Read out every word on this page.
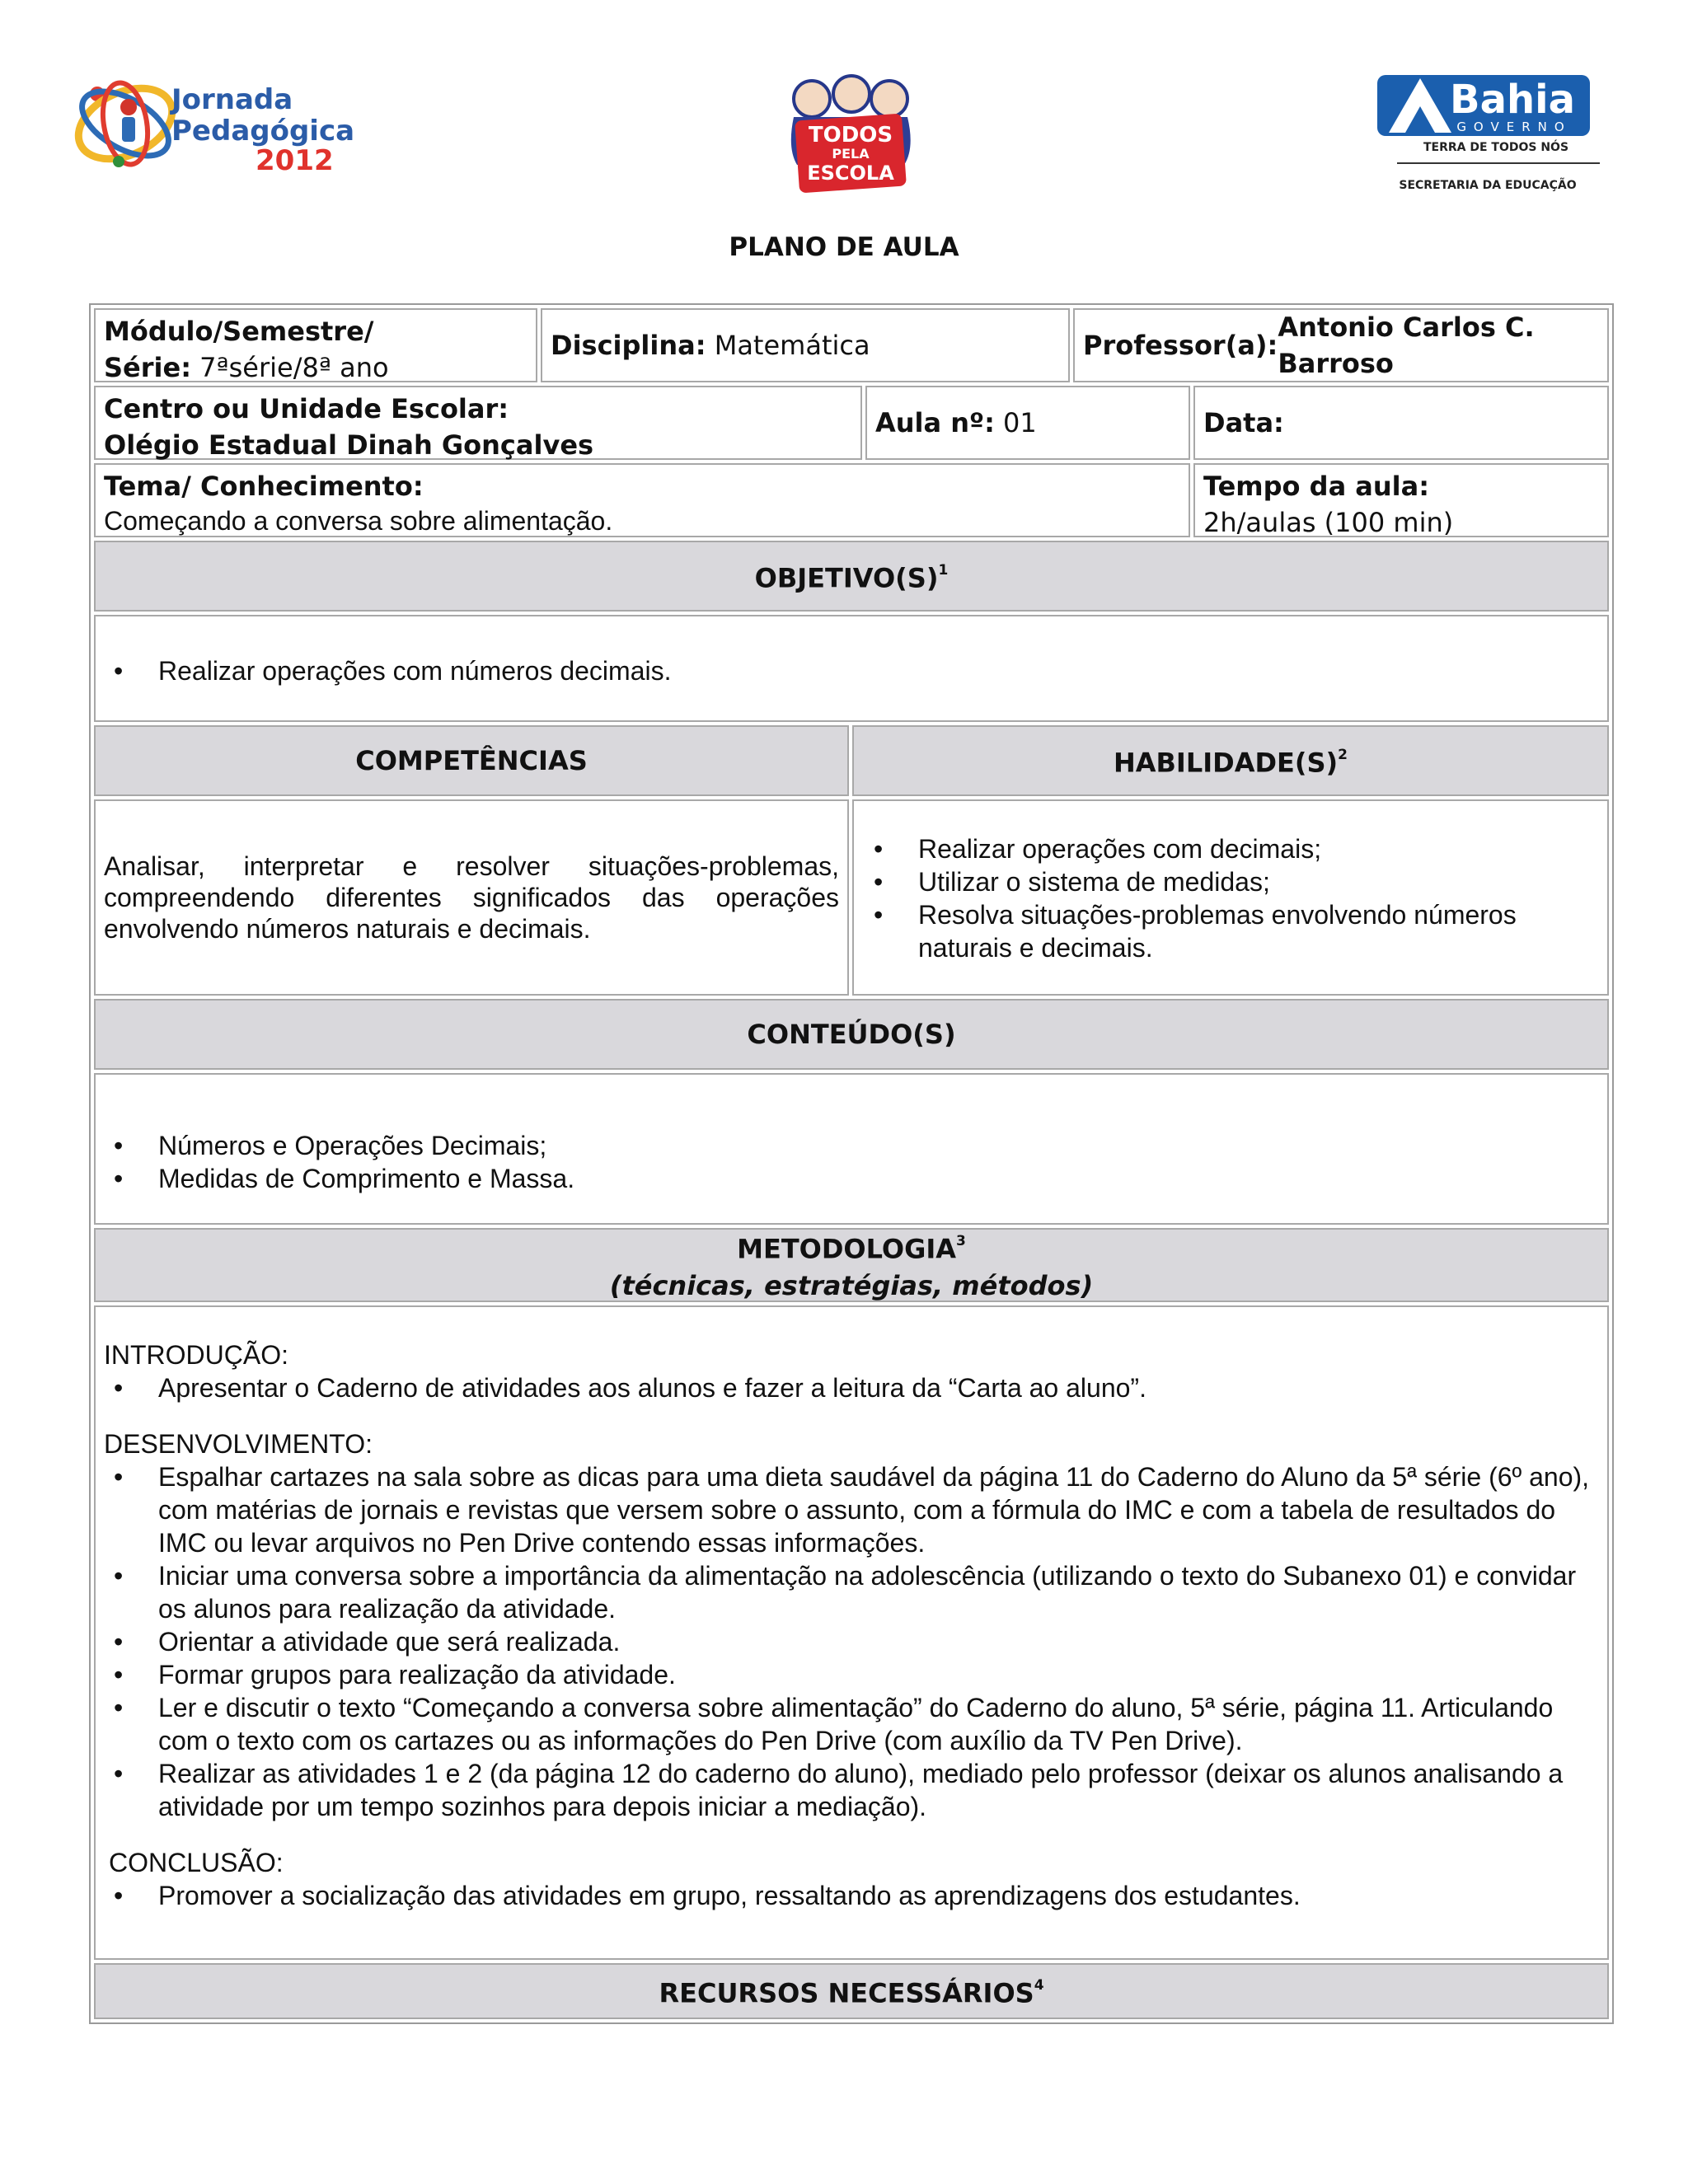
Jornada
Pedagógica
2012
TODOS
PELA
ESCOLA
Bahia
GOVERNO
TERRA DE TODOS NÓS
SECRETARIA DA EDUCAÇÃO
PLANO DE AULA
Módulo/Semestre/
Série: 7ªsérie/8ª ano
Disciplina: Matemática	Professor(a):
Antonio Carlos C. Barroso
Centro ou Unidade Escolar:
Olégio Estadual Dinah Gonçalves
Aula nº: 01	Data:
Tema/ Conhecimento:
Começando a conversa sobre alimentação.
Tempo da aula:
2h/aulas (100 min)
$OBJETIVO(S)^1$
• Realizar operações com números decimais.
COMPETÊNCIAS	$HABILIDADE(S)^2$
Analisar, interpretar e resolver situações-problemas, compreendendo diferentes significados das operações envolvendo números naturais e decimais.
• Realizar operações com decimais;
• Utilizar o sistema de medidas;
• Resolva situações-problemas envolvendo números naturais e decimais.
CONTEÚDO(S)
• Números e Operações Decimais;
• Medidas de Comprimento e Massa.
METODOLOGIA$^3$
(técnicas, estratégias, métodos)
INTRODUÇÃO:
• Apresentar o Caderno de atividades aos alunos e fazer a leitura da “Carta ao aluno”.
DESENVOLVIMENTO:
• Espalhar cartazes na sala sobre as dicas para uma dieta saudável da página 11 do Caderno do Aluno da 5ª série (6º ano), com matérias de jornais e revistas que versem sobre o assunto, com a fórmula do IMC e com a tabela de resultados do IMC ou levar arquivos no Pen Drive contendo essas informações.
• Iniciar uma conversa sobre a importância da alimentação na adolescência (utilizando o texto do Subanexo 01) e convidar os alunos para realização da atividade.
• Orientar a atividade que será realizada.
• Formar grupos para realização da atividade.
• Ler e discutir o texto “Começando a conversa sobre alimentação” do Caderno do aluno, 5ª série, página 11. Articulando com o texto com os cartazes ou as informações do Pen Drive (com auxílio da TV Pen Drive).
• Realizar as atividades 1 e 2 (da página 12 do caderno do aluno), mediado pelo professor (deixar os alunos analisando a atividade por um tempo sozinhos para depois iniciar a mediação).
CONCLUSÃO:
• Promover a socialização das atividades em grupo, ressaltando as aprendizagens dos estudantes.
RECURSOS NECESSÁRIOS$^4$
